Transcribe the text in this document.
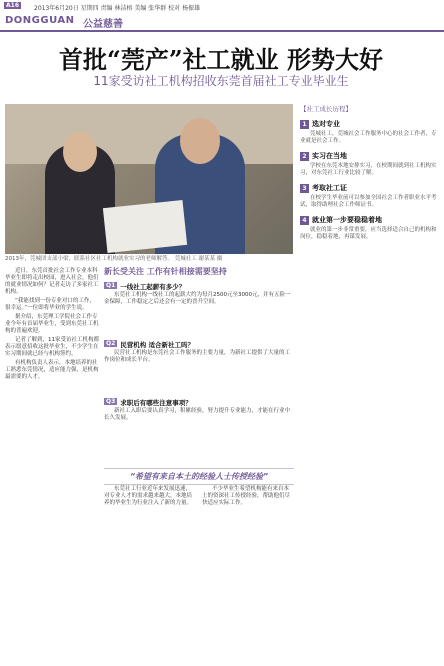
A16	2013年6月20日 星期四 责编 林洁榕 美编 张华群 校对 杨振雄
DONGGUAN 公益慈善
首批“莞产”社工就业 形势大好
11家受访社工机构招收东莞首届社工专业毕业生
2013年，莞城团支部小梁，联系社区社工机构就业实习的老师解答。 莞城社工 谢某某 摄
【社工成长历程】
1 选对专业
莞城社工，莞城社会工作服务中心的社会工作者，专业就是社会工作。
2 实习在当地
学校在东莞本地安排实习，在校期间就到社工机构实习，对东莞社工行业比较了解。
3 考取社工证
在校学生毕业前可以参加全国社会工作者职业水平考试，取得助理社会工作师证书。
4 就业第一步要稳稳着地
就业的第一步非常重要，应当选择适合自己的机构和岗位，稳稳着地，再谋发展。

近日，东莞首批社会工作专业本科毕业生即将走出校园，进入社会，他们的就业情况如何？记者走访了多家社工机构。

“我能找到一份专业对口的工作，很幸运。”一位即将毕业的学生说。

据介绍，东莞理工学院社会工作专业今年有首届毕业生，受到东莞社工机构的普遍欢迎。

记者了解到，11家受访社工机构都表示愿意招收这批毕业生，不少学生在实习期间就已经与机构签约。

有机构负责人表示，本地培养的社工熟悉东莞情况，适应能力强，是机构最需要的人才。

新长受关注 工作有针相接需要坚持
Q1 一线社工起薪有多少？
东莞社工机构一线社工的起薪大约为每月2500元至3000元，并有五险一金保障，工作稳定之后还会有一定的晋升空间。
Q2 民营机构 适合新社工吗？
民营社工机构是东莞社会工作服务的主要力量，为新社工提供了大量的工作岗位和成长平台。
Q3 求职后有哪些注意事项？
新社工入职后要认真学习，积累经验，努力提升专业能力，才能在行业中长久发展。
“希望有来自本土的经验人士传授经验”

东莞社工行业近年来发展迅速，对专业人才的需求越来越大，本地培养的毕业生为行业注入了新的力量。

不少毕业生希望机构能有来自本土的资深社工传授经验，帮助他们尽快适应实际工作。
